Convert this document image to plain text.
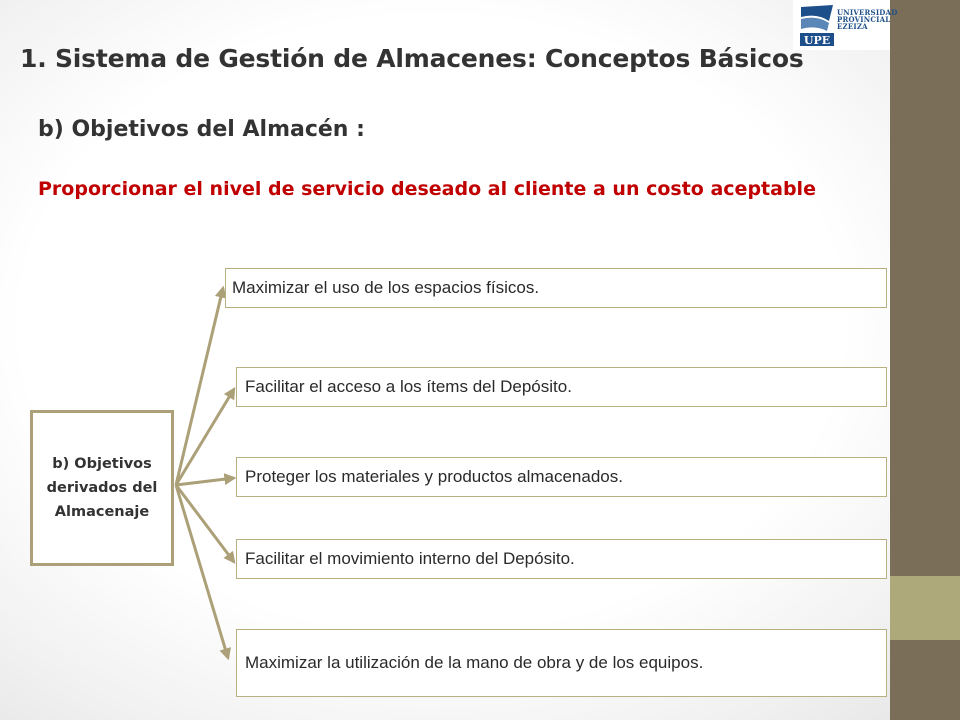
UPE
UNIVERSIDAD
PROVINCIAL
EZEIZA
1. Sistema de Gestión de Almacenes: Conceptos Básicos
b) Objetivos del Almacén :

Proporcionar el nivel de servicio deseado al cliente a un costo aceptable

b) Objetivos
derivados del
Almacenaje
Maximizar el uso de los espacios físicos.
Facilitar el acceso a los ítems del Depósito.
Proteger los materiales y productos almacenados.
Facilitar el movimiento interno del Depósito.
Maximizar la utilización de la mano de obra y de los equipos.
